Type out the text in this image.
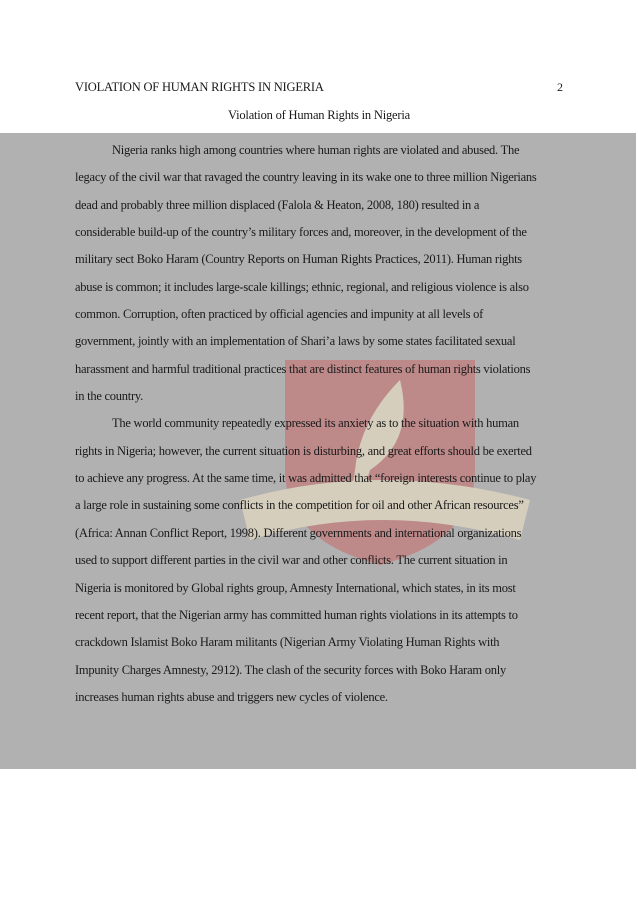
VIOLATION OF HUMAN RIGHTS IN NIGERIA	2
Violation of Human Rights in Nigeria
Nigeria ranks high among countries where human rights are violated and abused. The
legacy of the civil war that ravaged the country leaving in its wake one to three million Nigerians
dead and probably three million displaced (Falola & Heaton, 2008, 180) resulted in a
considerable build-up of the country’s military forces and, moreover, in the development of the
military sect Boko Haram (Country Reports on Human Rights Practices, 2011). Human rights
abuse is common; it includes large-scale killings; ethnic, regional, and religious violence is also
common. Corruption, often practiced by official agencies and impunity at all levels of
government, jointly with an implementation of Shari’a laws by some states facilitated sexual
harassment and harmful traditional practices that are distinct features of human rights violations
in the country.
The world community repeatedly expressed its anxiety as to the situation with human
rights in Nigeria; however, the current situation is disturbing, and great efforts should be exerted
to achieve any progress. At the same time, it was admitted that “foreign interests continue to play
a large role in sustaining some conflicts in the competition for oil and other African resources”
(Africa: Annan Conflict Report, 1998). Different governments and international organizations
used to support different parties in the civil war and other conflicts. The current situation in
Nigeria is monitored by Global rights group, Amnesty International, which states, in its most
recent report, that the Nigerian army has committed human rights violations in its attempts to
crackdown Islamist Boko Haram militants (Nigerian Army Violating Human Rights with
Impunity Charges Amnesty, 2912). The clash of the security forces with Boko Haram only
increases human rights abuse and triggers new cycles of violence.
